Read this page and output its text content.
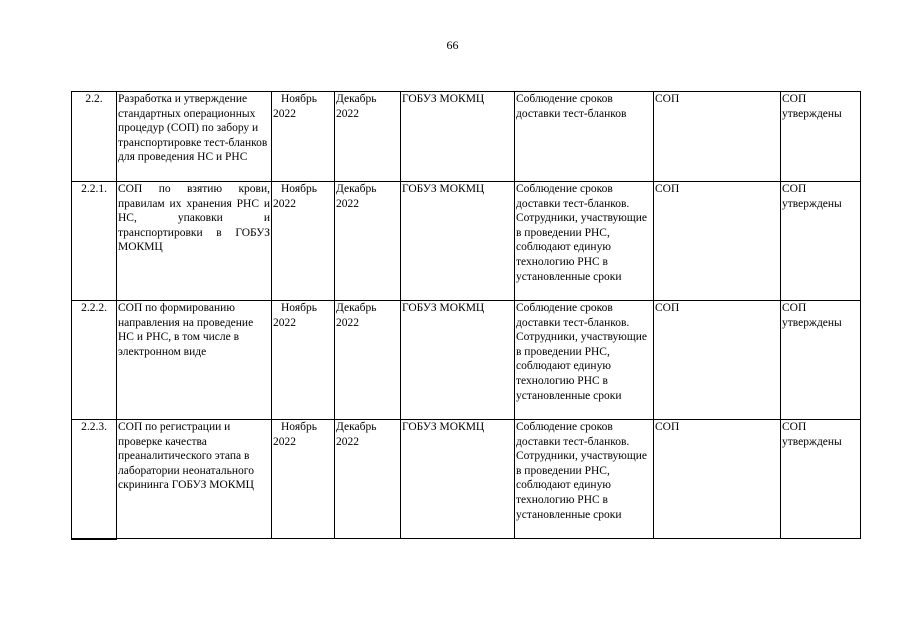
66
2.2.	Разработка и утверждение стандартных операционных процедур (СОП) по забору и транспортировке тест-бланков для проведения НС и РНС	Ноябрь 2022	Декабрь 2022	ГОБУЗ МОКМЦ	Соблюдение сроков доставки тест-бланков	СОП	СОП утверждены
2.2.1.	СОП по взятию крови, правилам их хранения РНС и НС, упаковки и транспортировки в ГОБУЗ МОКМЦ	Ноябрь 2022	Декабрь 2022	ГОБУЗ МОКМЦ	Соблюдение сроков доставки тест-бланков. Сотрудники, участвующие в проведении РНС, соблюдают единую технологию РНС в установленные сроки	СОП	СОП утверждены
2.2.2.	СОП по формированию направления на проведение НС и РНС, в том числе в электронном виде	Ноябрь 2022	Декабрь 2022	ГОБУЗ МОКМЦ	Соблюдение сроков доставки тест-бланков. Сотрудники, участвующие в проведении РНС, соблюдают единую технологию РНС в установленные сроки	СОП	СОП утверждены
2.2.3.	СОП по регистрации и проверке качества преаналитического этапа в лаборатории неонатального скрининга ГОБУЗ МОКМЦ	Ноябрь 2022	Декабрь 2022	ГОБУЗ МОКМЦ	Соблюдение сроков доставки тест-бланков. Сотрудники, участвующие в проведении РНС, соблюдают единую технологию РНС в установленные сроки	СОП	СОП утверждены
